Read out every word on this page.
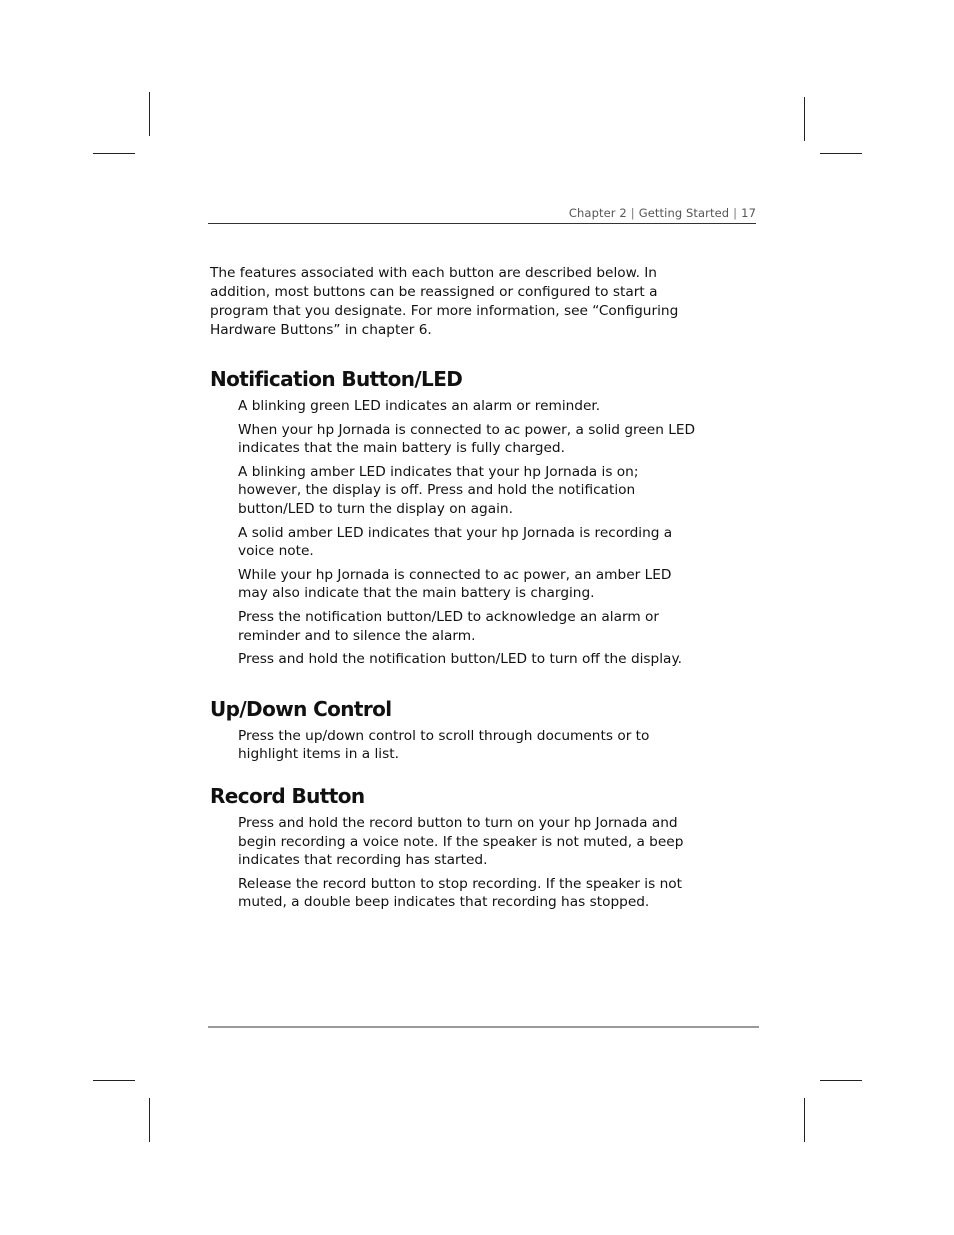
Chapter 2 | Getting Started | 17

The features associated with each button are described below. In addition, most buttons can be reassigned or configured to start a program that you designate. For more information, see “Configuring Hardware Buttons” in chapter 6.

Notification Button/LED

A blinking green LED indicates an alarm or reminder.

When your hp Jornada is connected to ac power, a solid green LED indicates that the main battery is fully charged.

A blinking amber LED indicates that your hp Jornada is on; however, the display is off. Press and hold the notification button/LED to turn the display on again.

A solid amber LED indicates that your hp Jornada is recording a voice note.

While your hp Jornada is connected to ac power, an amber LED may also indicate that the main battery is charging.

Press the notification button/LED to acknowledge an alarm or reminder and to silence the alarm.

Press and hold the notification button/LED to turn off the display.

Up/Down Control

Press the up/down control to scroll through documents or to highlight items in a list.

Record Button

Press and hold the record button to turn on your hp Jornada and begin recording a voice note. If the speaker is not muted, a beep indicates that recording has started.

Release the record button to stop recording. If the speaker is not muted, a double beep indicates that recording has stopped.
